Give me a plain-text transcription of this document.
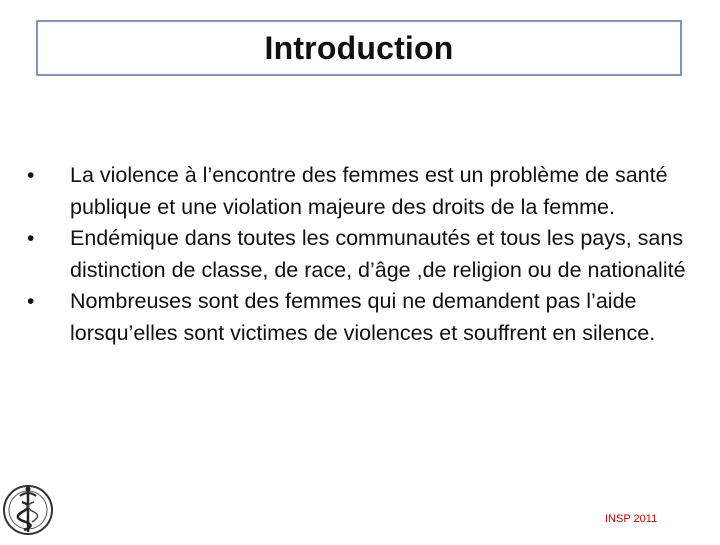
Introduction
• La violence à l’encontre des femmes est un problème de santé publique et une violation majeure des droits de la femme.
• Endémique dans toutes les communautés et tous les pays, sans distinction de classe, de race, d’âge ,de religion ou de nationalité
• Nombreuses sont des femmes qui ne demandent pas l’aide lorsqu’elles sont victimes de violences et souffrent en silence.
INSP 2011
